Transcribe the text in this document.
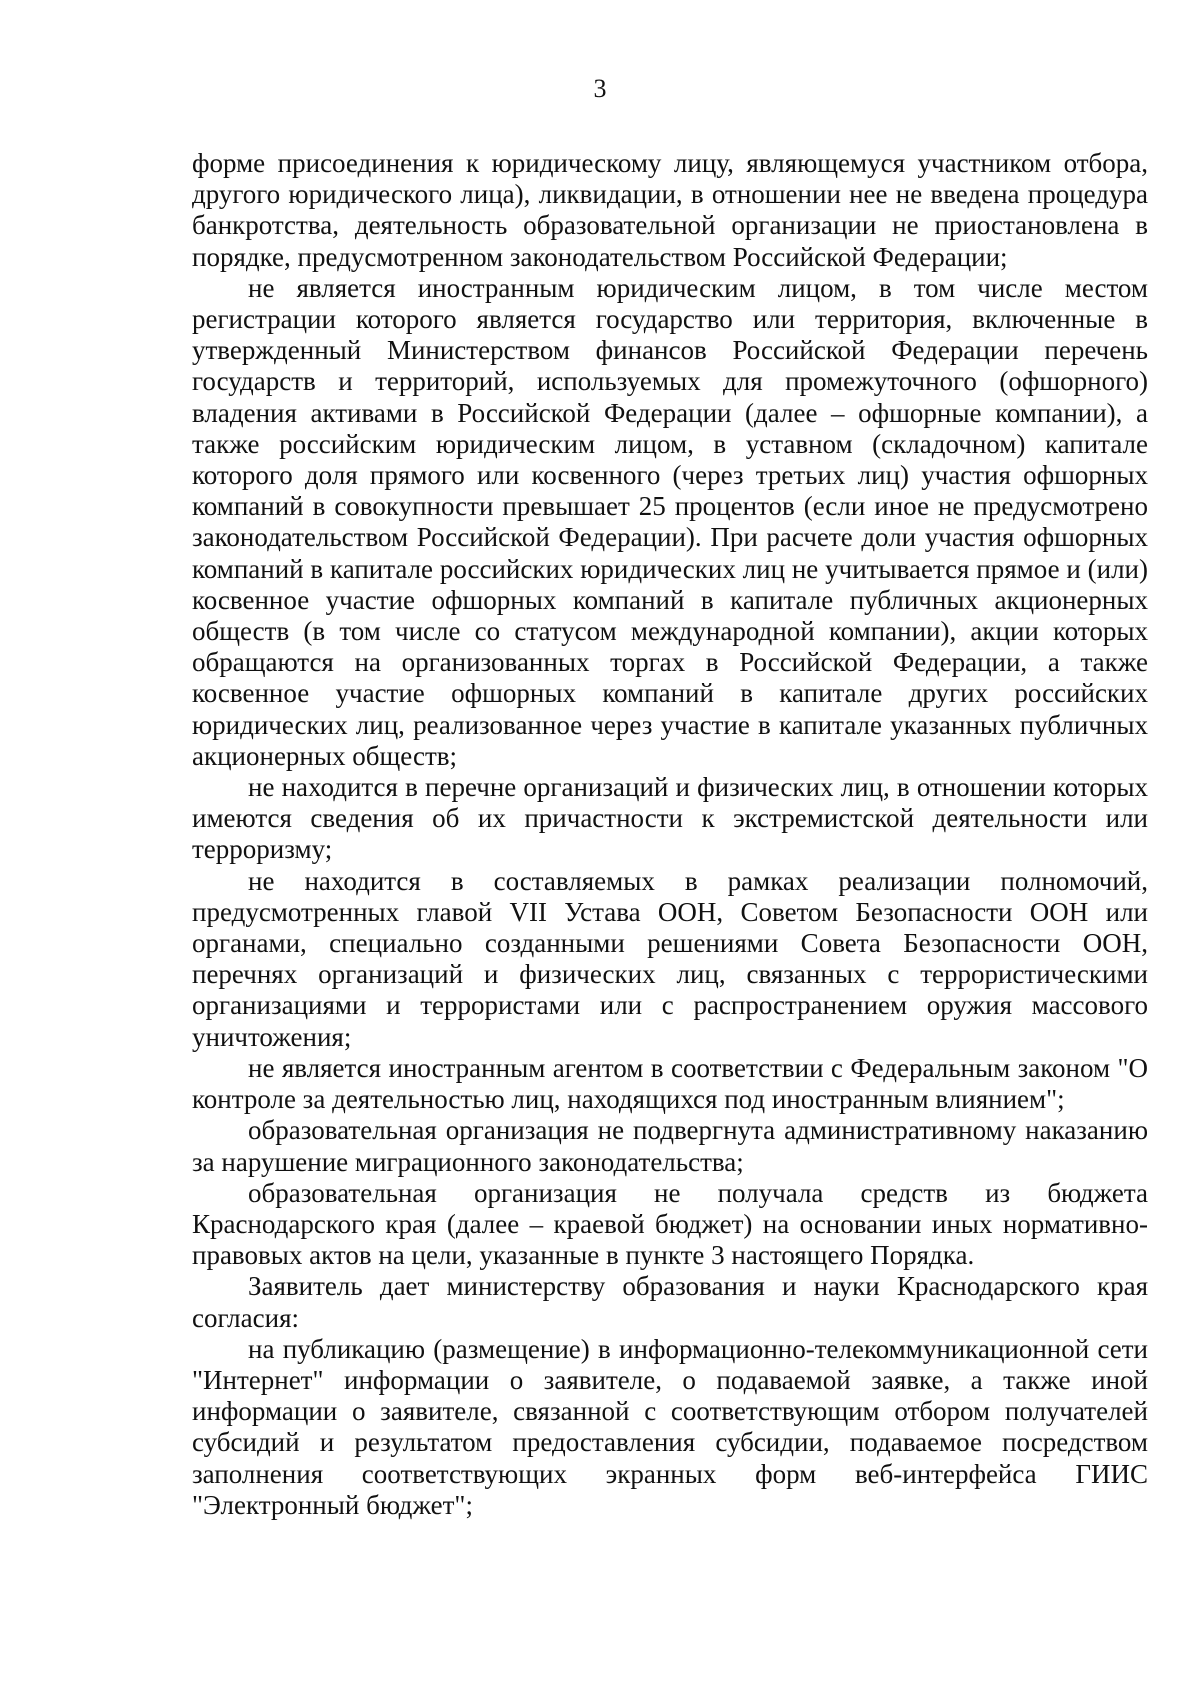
3

форме присоединения к юридическому лицу, являющемуся участником отбора, другого юридического лица), ликвидации, в отношении нее не введена процедура банкротства, деятельность образовательной организации не приостановлена в порядке, предусмотренном законодательством Российской Федерации;

не является иностранным юридическим лицом, в том числе местом регистрации которого является государство или территория, включенные в утвержденный Министерством финансов Российской Федерации перечень государств и территорий, используемых для промежуточного (офшорного) владения активами в Российской Федерации (далее – офшорные компании), а также российским юридическим лицом, в уставном (складочном) капитале которого доля прямого или косвенного (через третьих лиц) участия офшорных компаний в совокупности превышает 25 процентов (если иное не предусмотрено законодательством Российской Федерации). При расчете доли участия офшорных компаний в капитале российских юридических лиц не учитывается прямое и (или) косвенное участие офшорных компаний в капитале публичных акционерных обществ (в том числе со статусом международной компании), акции которых обращаются на организованных торгах в Российской Федерации, а также косвенное участие офшорных компаний в капитале других российских юридических лиц, реализованное через участие в капитале указанных публичных акционерных обществ;

не находится в перечне организаций и физических лиц, в отношении которых имеются сведения об их причастности к экстремистской деятельности или терроризму;

не находится в составляемых в рамках реализации полномочий, предусмотренных главой VII Устава ООН, Советом Безопасности ООН или органами, специально созданными решениями Совета Безопасности ООН, перечнях организаций и физических лиц, связанных с террористическими организациями и террористами или с распространением оружия массового уничтожения;

не является иностранным агентом в соответствии с Федеральным законом "О контроле за деятельностью лиц, находящихся под иностранным влиянием";

образовательная организация не подвергнута административному наказанию за нарушение миграционного законодательства;

образовательная организация не получала средств из бюджета Краснодарского края (далее – краевой бюджет) на основании иных нормативно-правовых актов на цели, указанные в пункте 3 настоящего Порядка.

Заявитель дает министерству образования и науки Краснодарского края согласия:

на публикацию (размещение) в информационно-телекоммуникационной сети "Интернет" информации о заявителе, о подаваемой заявке, а также иной информации о заявителе, связанной с соответствующим отбором получателей субсидий и результатом предоставления субсидии, подаваемое посредством заполнения соответствующих экранных форм веб-интерфейса ГИИС "Электронный бюджет";
